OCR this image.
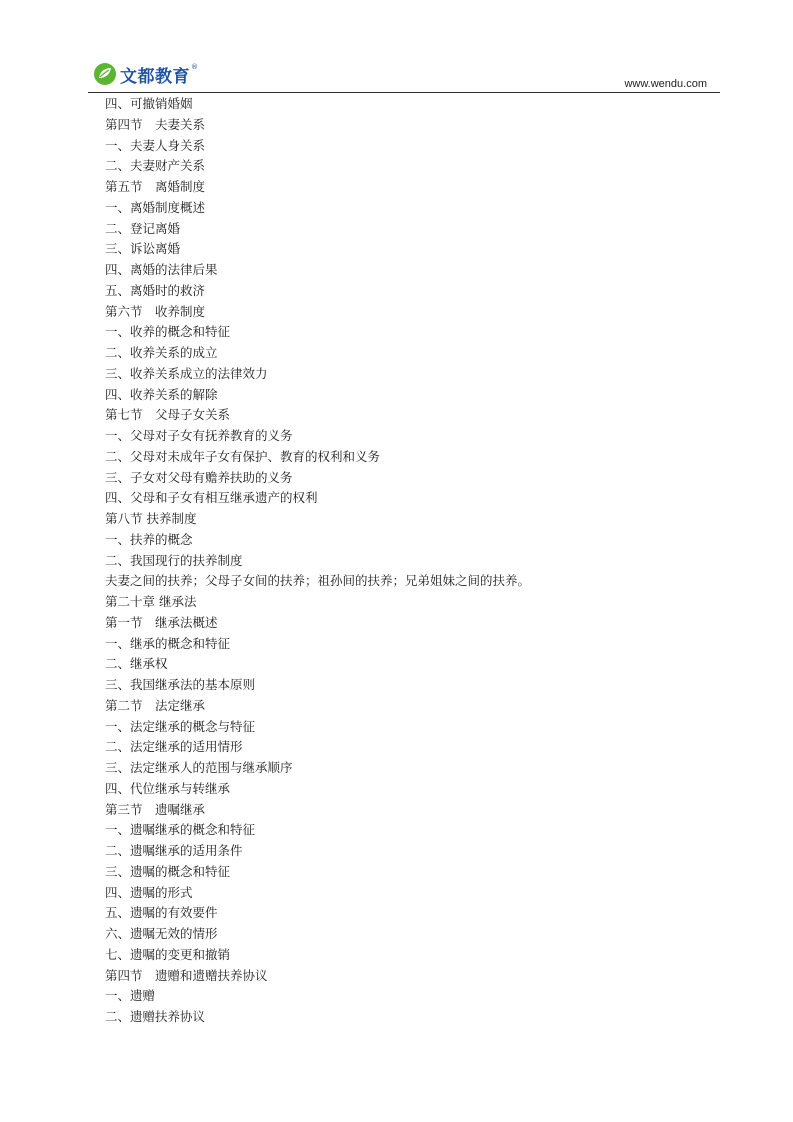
文都教育 ®
www.wendu.com
四、可撤销婚姻
第四节　夫妻关系
一、夫妻人身关系
二、夫妻财产关系
第五节　离婚制度
一、离婚制度概述
二、登记离婚
三、诉讼离婚
四、离婚的法律后果
五、离婚时的救济
第六节　收养制度
一、收养的概念和特征
二、收养关系的成立
三、收养关系成立的法律效力
四、收养关系的解除
第七节　父母子女关系
一、父母对子女有抚养教育的义务
二、父母对未成年子女有保护、教育的权利和义务
三、子女对父母有赡养扶助的义务
四、父母和子女有相互继承遗产的权利
第八节 扶养制度
一、扶养的概念
二、我国现行的扶养制度
夫妻之间的扶养；父母子女间的扶养；祖孙间的扶养；兄弟姐妹之间的扶养。
第二十章 继承法
第一节　继承法概述
一、继承的概念和特征
二、继承权
三、我国继承法的基本原则
第二节　法定继承
一、法定继承的概念与特征
二、法定继承的适用情形
三、法定继承人的范围与继承顺序
四、代位继承与转继承
第三节　遗嘱继承
一、遗嘱继承的概念和特征
二、遗嘱继承的适用条件
三、遗嘱的概念和特征
四、遗嘱的形式
五、遗嘱的有效要件
六、遗嘱无效的情形
七、遗嘱的变更和撤销
第四节　遗赠和遗赠扶养协议
一、遗赠
二、遗赠扶养协议
